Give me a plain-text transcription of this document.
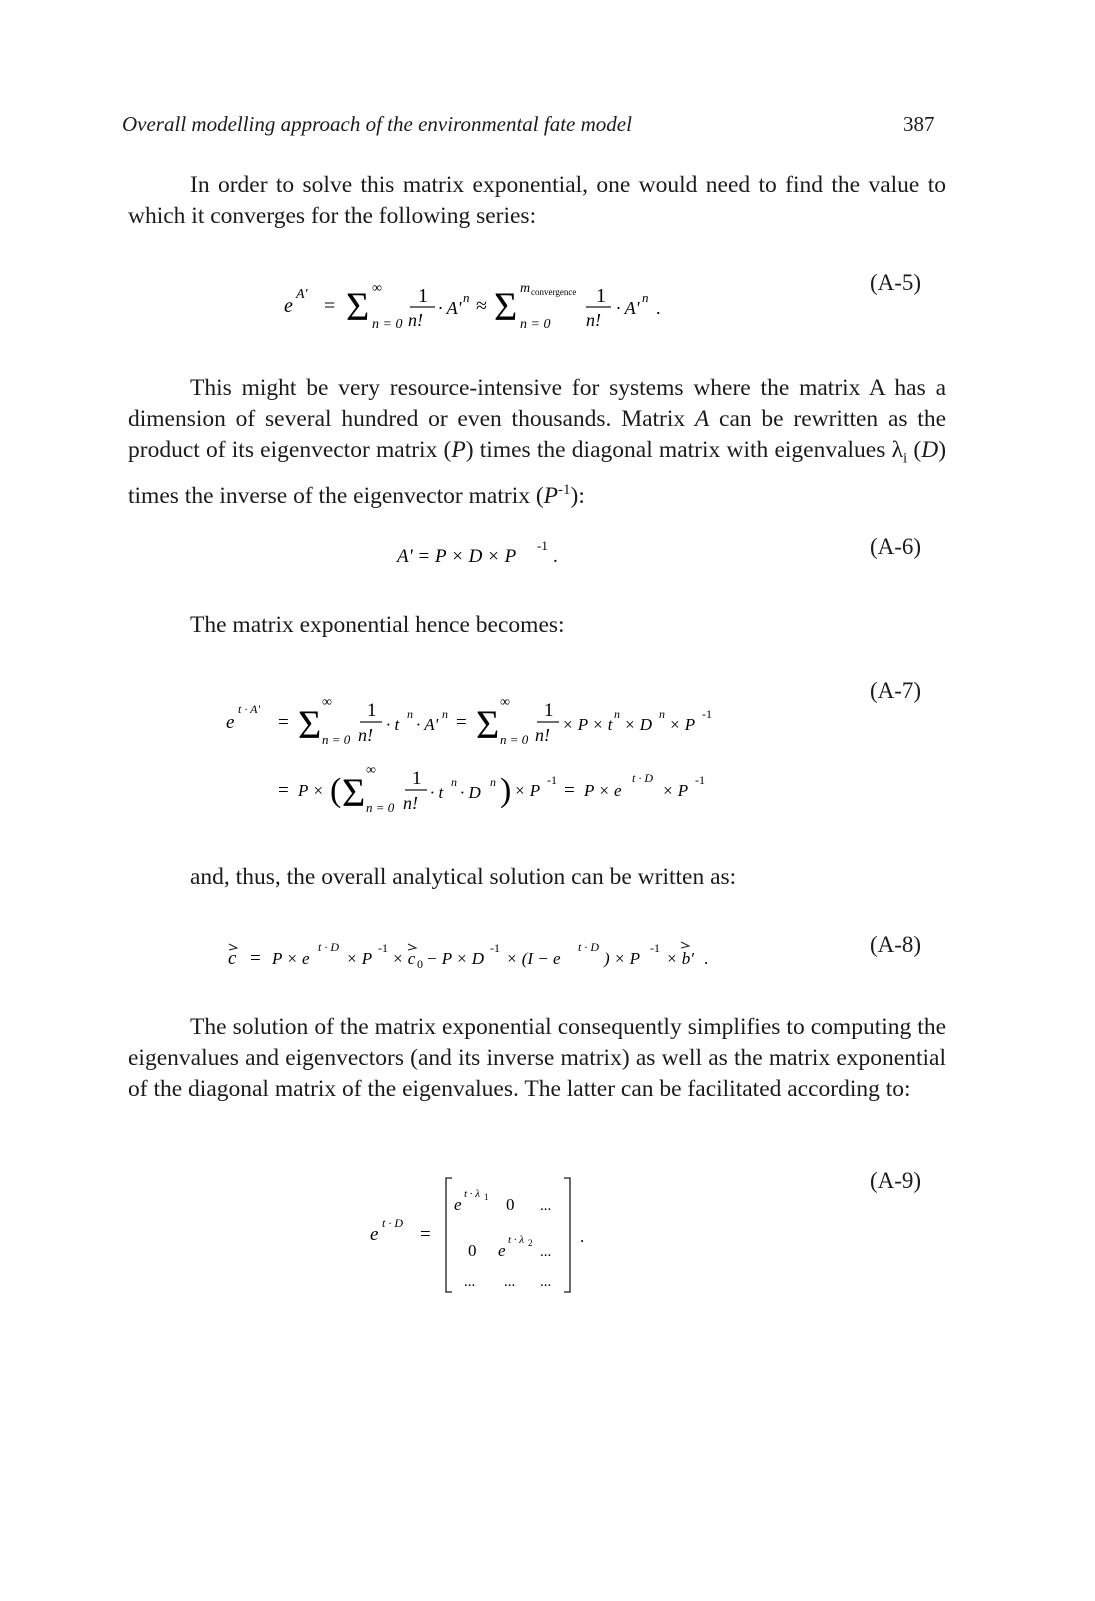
Overall modelling approach of the environmental fate model	387
In order to solve this matrix exponential, one would need to find the value to which it converges for the following series:
(A-5)
e
A'
= Σ ∞
n = 0
1
n!
· A'
n ≈ Σ m convergence
n = 0
1
n!
· A'
n
.
This might be very resource-intensive for systems where the matrix A has a dimension of several hundred or even thousands. Matrix A can be rewritten as the product of its eigenvector matrix (P) times the diagonal matrix with eigenvalues $\lambda_i$ (D) times the inverse of the eigenvector matrix $(P^{-1})$:
(A-6)
A' = P × D × P
-1
.
The matrix exponential hence becomes:
(A-7)
e
t · A'
= Σ ∞
n = 0
1
n!
· t
n
· A'
n = Σ ∞
n = 0
1
n!
× P × t
n
× D
n
× P
-1
= P × ( Σ ∞
n = 0
1
n!
· t
n
· D
n ) × P
-1 = P × e
t · D
× P
-1
and, thus, the overall analytical solution can be written as:
(A-8)
c = P × e
t · D
× P
-1
× c 0 − P × D
-1
× (I − e
t · D
) × P
-1
× b' .
The solution of the matrix exponential consequently simplifies to computing the eigenvalues and eigenvectors (and its inverse matrix) as well as the matrix exponential of the diagonal matrix of the eigenvalues. The latter can be facilitated according to:
(A-9)
e
t · D
=
e
t · λ 1 0 ...
0 e
t · λ 2
...
... ... ...
.
